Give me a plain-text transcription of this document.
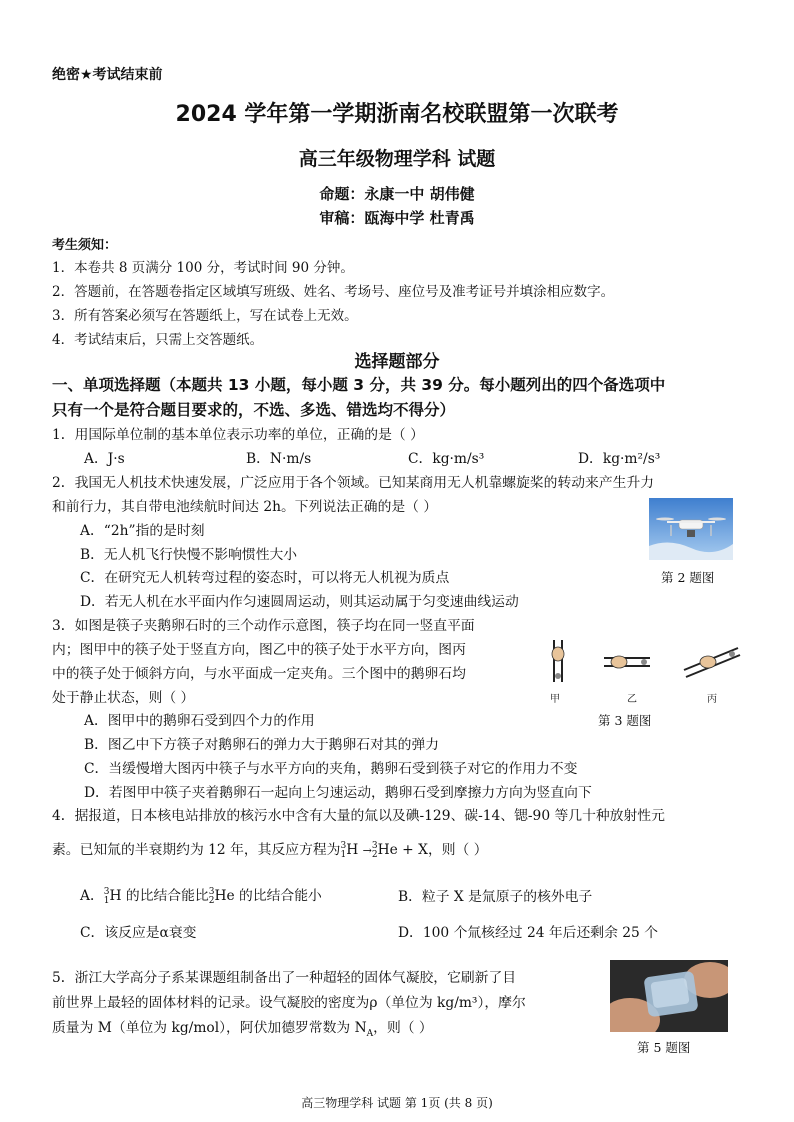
绝密★考试结束前
2024 学年第一学期浙南名校联盟第一次联考
高三年级物理学科 试题
命题：永康一中 胡伟健
审稿：瓯海中学 杜青禹
考生须知：
1．本卷共 8 页满分 100 分，考试时间 90 分钟。
2．答题前，在答题卷指定区域填写班级、姓名、考场号、座位号及准考证号并填涂相应数字。
3．所有答案必须写在答题纸上，写在试卷上无效。
4．考试结束后，只需上交答题纸。
选择题部分
一、单项选择题（本题共 13 小题，每小题 3 分，共 39 分。每小题列出的四个备选项中
只有一个是符合题目要求的，不选、多选、错选均不得分）
1．用国际单位制的基本单位表示功率的单位，正确的是（ ）
A．J·s	B．N·m/s	C．kg·m/s³	D．kg·m²/s³
2．我国无人机技术快速发展，广泛应用于各个领域。已知某商用无人机靠螺旋桨的转动来产生升力
和前行力，其自带电池续航时间达 2h。下列说法正确的是（ ）
A．“2h”指的是时刻
B．无人机飞行快慢不影响惯性大小
C．在研究无人机转弯过程的姿态时，可以将无人机视为质点
D．若无人机在水平面内作匀速圆周运动，则其运动属于匀变速曲线运动
第 2 题图
3．如图是筷子夹鹅卵石时的三个动作示意图，筷子均在同一竖直平面
内；图甲中的筷子处于竖直方向，图乙中的筷子处于水平方向，图丙
中的筷子处于倾斜方向，与水平面成一定夹角。三个图中的鹅卵石均
处于静止状态，则（ ）
A．图甲中的鹅卵石受到四个力的作用
B．图乙中下方筷子对鹅卵石的弹力大于鹅卵石对其的弹力
C．当缓慢增大图丙中筷子与水平方向的夹角，鹅卵石受到筷子对它的作用力不变
D．若图甲中筷子夹着鹅卵石一起向上匀速运动，鹅卵石受到摩擦力方向为竖直向下
甲	乙	丙
第 3 题图
4．据报道，日本核电站排放的核污水中含有大量的氚以及碘-129、碳-14、锶-90 等几十种放射性元
素。已知氚的半衰期约为 12 年，其反应方程为3
1H →3
2He + X，则（ ）
A．3
1H 的比结合能比3
2He 的比结合能小	B．粒子 X 是氚原子的核外电子
C．该反应是α衰变	D．100 个氚核经过 24 年后还剩余 25 个
5．浙江大学高分子系某课题组制备出了一种超轻的固体气凝胶，它刷新了目
前世界上最轻的固体材料的记录。设气凝胶的密度为ρ（单位为 kg/m³），摩尔
质量为 M（单位为 kg/mol），阿伏加德罗常数为 $N_A$，则（ ）
第 5 题图
高三物理学科 试题 第 1页 (共 8 页)
